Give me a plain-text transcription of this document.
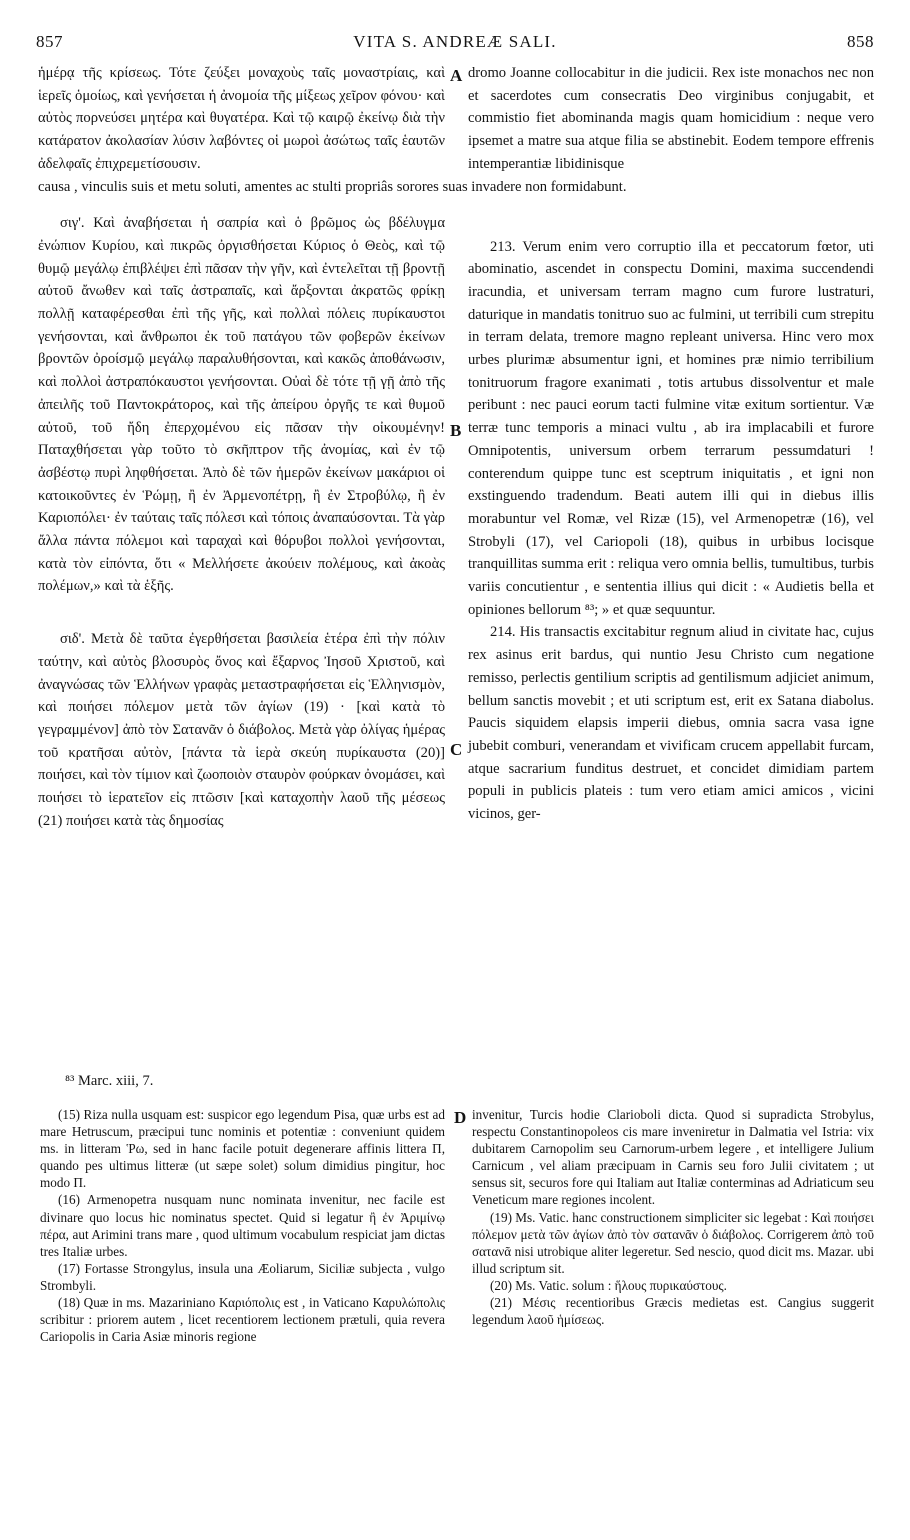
VITA S. ANDREÆ SALI.
857	858

ἡμέρᾳ τῆς κρίσεως. Τότε ζεύξει μοναχοὺς ταῖς μοναστρίαις, καὶ ἱερεῖς ὁμοίως, καὶ γενήσεται ἡ ἀνομοία τῆς μίξεως χεῖρον φόνου· καὶ αὐτὸς πορνεύσει μητέρα καὶ θυγατέρα. Καὶ τῷ καιρῷ ἐκείνῳ διὰ τὴν κατάρατον ἀκολασίαν λύσιν λαβόντες οἱ μωροὶ ἀσώτως ταῖς ἑαυτῶν ἀδελφαῖς ἐπιχρεμετίσουσιν.

causa , vinculis suis et metu soluti, amentes ac stulti propriâs sorores suas invadere non formidabunt.

σιγ'. Καὶ ἀναβήσεται ἡ σαπρία καὶ ὁ βρῶμος ὡς βδέλυγμα ἐνώπιον Κυρίου, καὶ πικρῶς ὀργισθήσεται Κύριος ὁ Θεὸς, καὶ τῷ θυμῷ μεγάλῳ ἐπιβλέψει ἐπὶ πᾶσαν τὴν γῆν, καὶ ἐντελεῖται τῇ βροντῇ αὐτοῦ ἄνωθεν καὶ ταῖς ἀστραπαῖς, καὶ ἄρξονται ἀκρατῶς φρίκῃ πολλῇ καταφέρεσθαι ἐπὶ τῆς γῆς, καὶ πολλαὶ πόλεις πυρίκαυστοι γενήσονται, καὶ ἄνθρωποι ἐκ τοῦ πατάγου τῶν φοβερῶν ἐκείνων βροντῶν ὀροίσμῷ μεγάλῳ παραλυθήσονται, καὶ κακῶς ἀποθάνωσιν, καὶ πολλοὶ ἀστραπόκαυστοι γενήσονται. Οὐαὶ δὲ τότε τῇ γῇ ἀπὸ τῆς ἀπειλῆς τοῦ Παντοκράτορος, καὶ τῆς ἀπείρου ὀργῆς τε καὶ θυμοῦ αὐτοῦ, τοῦ ἤδη ἐπερχομένου εἰς πᾶσαν τὴν οἰκουμένην! Παταχθήσεται γὰρ τοῦτο τὸ σκῆπτρον τῆς ἀνομίας, καὶ ἐν τῷ ἀσβέστῳ πυρὶ ληφθήσεται. Ἀπὸ δὲ τῶν ἡμερῶν ἐκείνων μακάριοι οἱ κατοικοῦντες ἐν Ῥώμῃ, ἢ ἐν Ἀρμενοπέτρῃ, ἢ ἐν Στροβύλῳ, ἢ ἐν Καριοπόλει· ἐν ταύταις ταῖς πόλεσι καὶ τόποις ἀναπαύσονται. Τὰ γὰρ ἄλλα πάντα πόλεμοι καὶ ταραχαὶ καὶ θόρυβοι πολλοὶ γενήσονται, κατὰ τὸν εἰπόντα, ὅτι « Μελλήσετε ἀκούειν πολέμους, καὶ ἀκοὰς πολέμων,» καὶ τὰ ἑξῆς.

σιδ'. Μετὰ δὲ ταῦτα ἐγερθήσεται βασιλεία ἑτέρα ἐπὶ τὴν πόλιν ταύτην, καὶ αὐτὸς βλοσυρὸς ὄνος καὶ ἔξαρνος Ἰησοῦ Χριστοῦ, καὶ ἀναγνώσας τῶν Ἑλλήνων γραφὰς μεταστραφήσεται εἰς Ἑλληνισμὸν, καὶ ποιήσει πόλεμον μετὰ τῶν ἁγίων (19) · [καὶ κατὰ τὸ γεγραμμένον] ἀπὸ τὸν Σατανᾶν ὁ διάβολος. Μετὰ γὰρ ὀλίγας ἡμέρας τοῦ κρατῆσαι αὐτὸν, [πάντα τὰ ἱερὰ σκεύη πυρίκαυστα (20)] ποιήσει, καὶ τὸν τίμιον καὶ ζωοποιὸν σταυρὸν φούρκαν ὀνομάσει, καὶ ποιήσει τὸ ἱερατεῖον εἰς πτῶσιν [καὶ καταχοπὴν λαοῦ τῆς μέσεως (21) ποιήσει κατὰ τὰς δημοσίας

dromo Joanne collocabitur in die judicii. Rex iste monachos nec non et sacerdotes cum consecratis Deo virginibus conjugabit, et commistio fiet abominanda magis quam homicidium : neque vero ipsemet a matre sua atque filia se abstinebit. Eodem tempore effrenis intemperantiæ libidinisque

213. Verum enim vero corruptio illa et peccatorum fœtor, uti abominatio, ascendet in conspectu Domini, maxima succendendi iracundia, et universam terram magno cum furore lustraturi, daturique in mandatis tonitruo suo ac fulmini, ut terribili cum strepitu in terram delata, tremore magno repleant universa. Hinc vero mox urbes plurimæ absumentur igni, et homines præ nimio terribilium tonitruorum fragore exanimati , totis artubus dissolventur et male peribunt : nec pauci eorum tacti fulmine vitæ exitum sortientur. Væ terræ tunc temporis a minaci vultu , ab ira implacabili et furore Omnipotentis, universum orbem terrarum pessumdaturi ! conterendum quippe tunc est sceptrum iniquitatis , et igni non exstinguendo tradendum. Beati autem illi qui in diebus illis morabuntur vel Romæ, vel Rizæ (15), vel Armenopetræ (16), vel Strobyli (17), vel Cariopoli (18), quibus in urbibus locisque tranquillitas summa erit : reliqua vero omnia bellis, tumultibus, turbis variis concutientur , e sententia illius qui dicit : « Audietis bella et opiniones bellorum ⁸³; » et quæ sequuntur.

214. His transactis excitabitur regnum aliud in civitate hac, cujus rex asinus erit bardus, qui nuntio Jesu Christo cum negatione remisso, perlectis gentilium scriptis ad gentilismum adjiciet animum, bellum sanctis movebit ; et uti scriptum est, erit ex Satana diabolus. Paucis siquidem elapsis imperii diebus, omnia sacra vasa igne jubebit comburi, venerandam et vivificam crucem appellabit furcam, atque sacrarium funditus destruet, et concidet dimidiam partem populi in publicis plateis : tum vero etiam amici amicos , vicini vicinos, ger-

A
B
C
D
⁸³ Marc. xiii, 7.

(15) Riza nulla usquam est: suspicor ego legendum Pisa, quæ urbs est ad mare Hetruscum, præcipui tunc nominis et potentiæ : conveniunt quidem ms. in litteram Ῥω, sed in hanc facile potuit degenerare affinis littera Π, quando pes ultimus litteræ (ut sæpe solet) solum dimidius pingitur, hoc modo Π.

(16) Armenopetra nusquam nunc nominata invenitur, nec facile est divinare quo locus hic nominatus spectet. Quid si legatur ἢ ἐν Ἀριμίνῳ πέρα, aut Arimini trans mare , quod ultimum vocabulum respiciat jam dictas tres Italiæ urbes.

(17) Fortasse Strongylus, insula una Æoliarum, Siciliæ subjecta , vulgo Strombyli.

(18) Quæ in ms. Mazariniano Καριόπολις est , in Vaticano Καρυλώπολις scribitur : priorem autem , licet recentiorem lectionem prætuli, quia revera Cariopolis in Caria Asiæ minoris regione

invenitur, Turcis hodie Clarioboli dicta. Quod si supradicta Strobylus, respectu Constantinopoleos cis mare inveniretur in Dalmatia vel Istria: vix dubitarem Carnopolim seu Carnorum-urbem legere , et intelligere Julium Carnicum , vel aliam præcipuam in Carnis seu foro Julii civitatem ; ut sensus sit, securos fore qui Italiam aut Italiæ conterminas ad Adriaticum seu Veneticum mare regiones incolent.

(19) Ms. Vatic. hanc constructionem simpliciter sic legebat : Καὶ ποιήσει πόλεμον μετὰ τῶν ἁγίων ἀπὸ τὸν σατανᾶν ὁ διάβολος. Corrigerem ἀπὸ τοῦ σατανᾶ nisi utrobique aliter legeretur. Sed nescio, quod dicit ms. Mazar. ubi illud scriptum sit.

(20) Ms. Vatic. solum : ἥλους πυρικαύστους.

(21) Μέσις recentioribus Græcis medietas est. Cangius suggerit legendum λαοῦ ἡμίσεως.
